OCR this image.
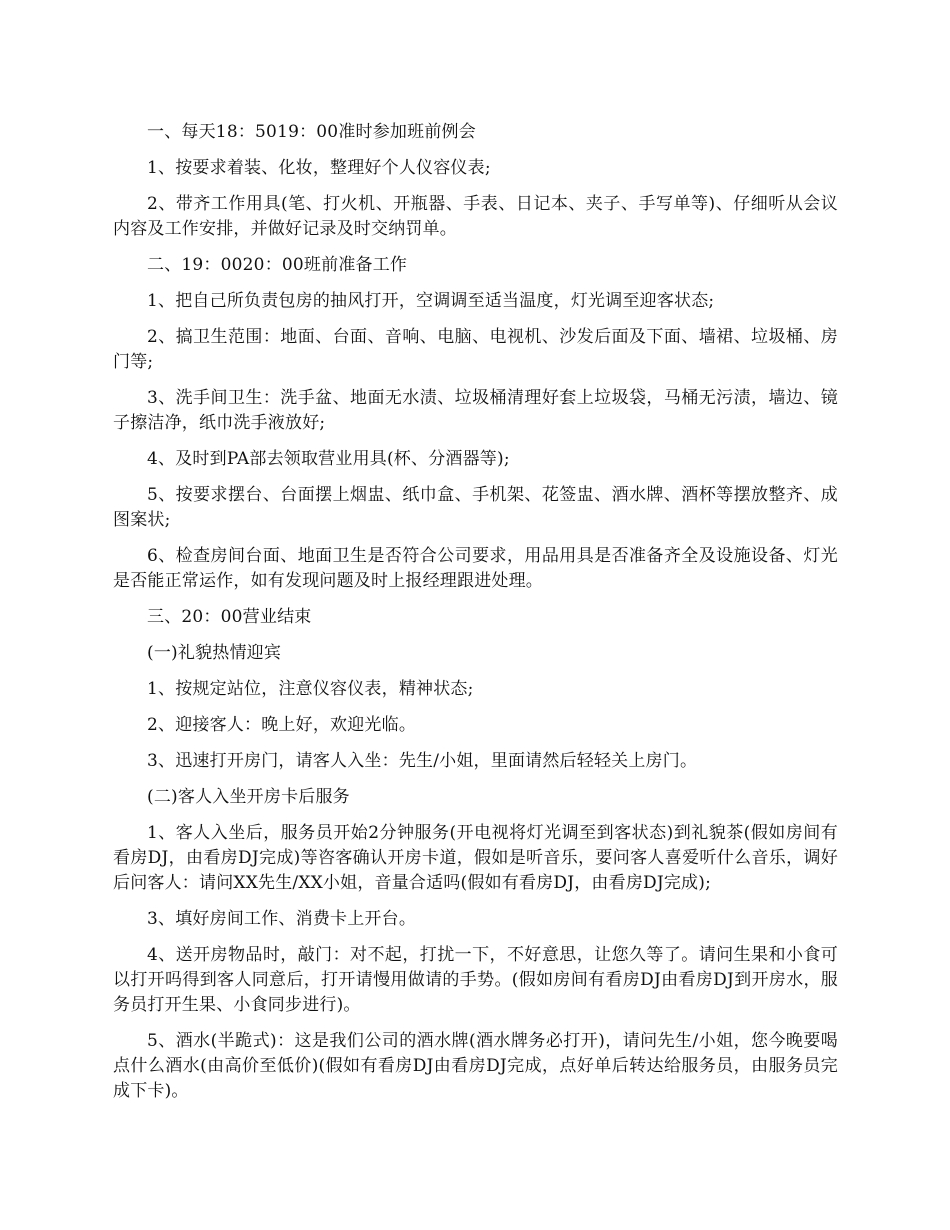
一、每天18：5019：00准时参加班前例会

1、按要求着装、化妆，整理好个人仪容仪表;

2、带齐工作用具(笔、打火机、开瓶器、手表、日记本、夹子、手写单等)、仔细听从会议内容及工作安排，并做好记录及时交纳罚单。

二、19：0020：00班前准备工作

1、把自己所负责包房的抽风打开，空调调至适当温度，灯光调至迎客状态;

2、搞卫生范围：地面、台面、音响、电脑、电视机、沙发后面及下面、墙裙、垃圾桶、房门等;

3、洗手间卫生：洗手盆、地面无水渍、垃圾桶清理好套上垃圾袋，马桶无污渍，墙边、镜子擦洁净，纸巾洗手液放好;

4、及时到PA部去领取营业用具(杯、分酒器等);

5、按要求摆台、台面摆上烟盅、纸巾盒、手机架、花签盅、酒水牌、酒杯等摆放整齐、成图案状;

6、检查房间台面、地面卫生是否符合公司要求，用品用具是否准备齐全及设施设备、灯光是否能正常运作，如有发现问题及时上报经理跟进处理。

三、20：00营业结束

(一)礼貌热情迎宾

1、按规定站位，注意仪容仪表，精神状态;

2、迎接客人：晚上好，欢迎光临。

3、迅速打开房门，请客人入坐：先生/小姐，里面请然后轻轻关上房门。

(二)客人入坐开房卡后服务

1、客人入坐后，服务员开始2分钟服务(开电视将灯光调至到客状态)到礼貌茶(假如房间有看房DJ，由看房DJ完成)等咨客确认开房卡道，假如是听音乐，要问客人喜爱听什么音乐，调好后问客人：请问XX先生/XX小姐，音量合适吗(假如有看房DJ，由看房DJ完成);

3、填好房间工作、消费卡上开台。

4、送开房物品时，敲门：对不起，打扰一下，不好意思，让您久等了。请问生果和小食可以打开吗得到客人同意后，打开请慢用做请的手势。(假如房间有看房DJ由看房DJ到开房水，服务员打开生果、小食同步进行)。

5、酒水(半跪式)：这是我们公司的酒水牌(酒水牌务必打开)，请问先生/小姐，您今晚要喝点什么酒水(由高价至低价)(假如有看房DJ由看房DJ完成，点好单后转达给服务员，由服务员完成下卡)。
